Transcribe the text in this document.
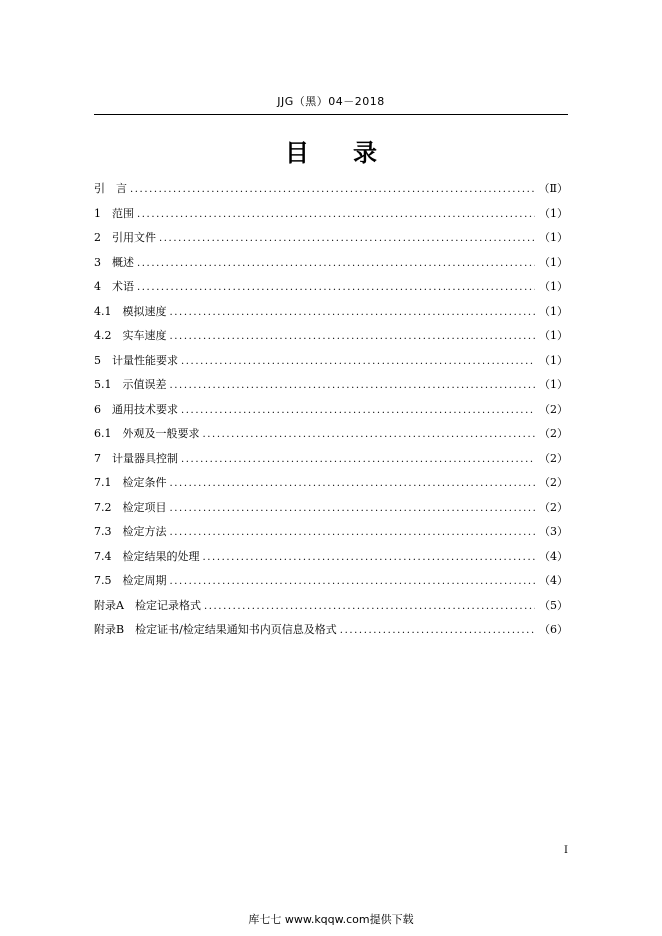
JJG（黑）04－2018
目 录
引　言 .....	（Ⅱ）
1　范围 .....	（1）
2　引用文件 .....	（1）
3　概述 .....	（1）
4　术语 .....	（1）
4.1　模拟速度 .....	（1）
4.2　实车速度 .....	（1）
5　计量性能要求 .....	（1）
5.1　示值误差 .....	（1）
6　通用技术要求 .....	（2）
6.1　外观及一般要求 .....	（2）
7　计量器具控制 .....	（2）
7.1　检定条件 .....	（2）
7.2　检定项目 .....	（2）
7.3　检定方法 .....	（3）
7.4　检定结果的处理 .....	（4）
7.5　检定周期 .....	（4）
附录A　检定记录格式 .....	（5）
附录B　检定证书/检定结果通知书内页信息及格式 .....	（6）
Ⅰ
库七七 www.kqqw.com提供下载
